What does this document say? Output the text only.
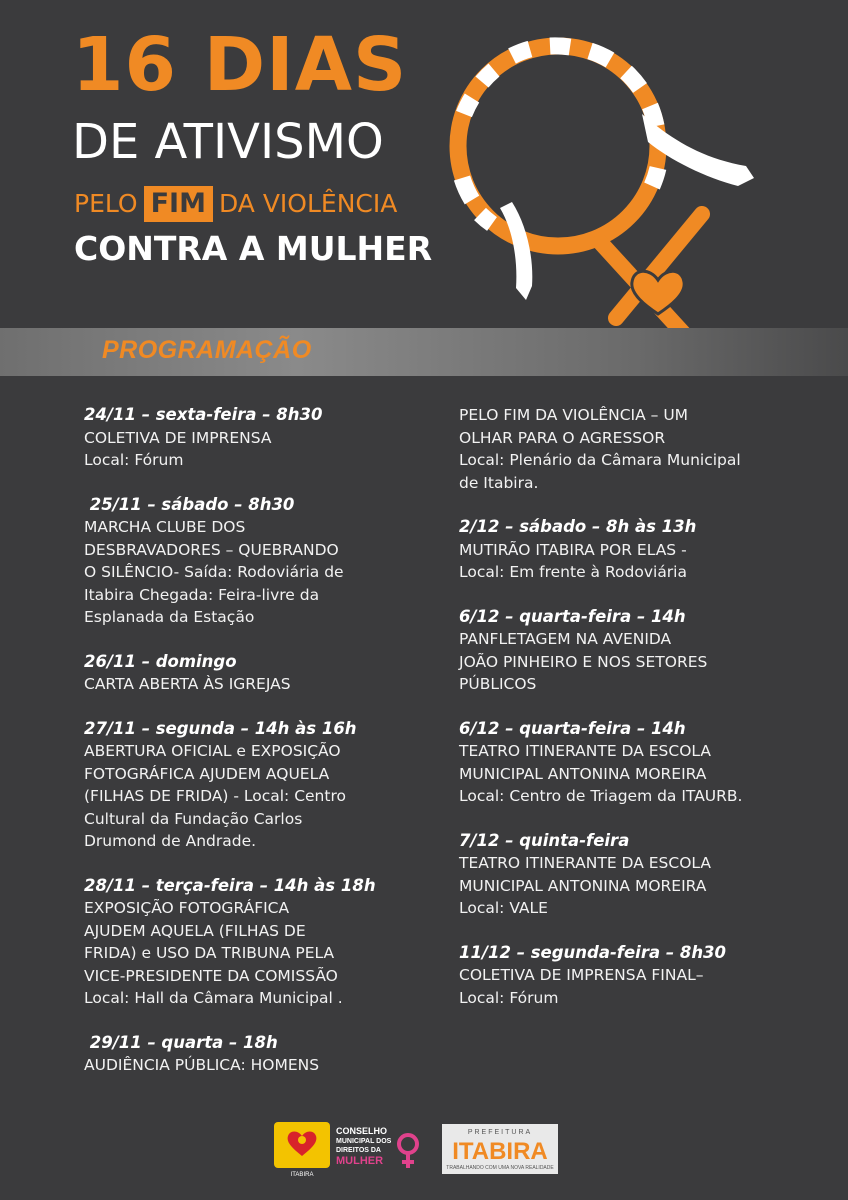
16 DIAS
DE ATIVISMO
PELO FIM DA VIOLÊNCIA
CONTRA A MULHER
PROGRAMAÇÃO
24/11 – sexta-feira – 8h30
COLETIVA DE IMPRENSA
Local: Fórum
25/11 – sábado – 8h30
MARCHA CLUBE DOS
DESBRAVADORES – QUEBRANDO
O SILÊNCIO- Saída: Rodoviária de
Itabira Chegada: Feira-livre da
Esplanada da Estação
26/11 – domingo
CARTA ABERTA ÀS IGREJAS
27/11 – segunda – 14h às 16h
ABERTURA OFICIAL e EXPOSIÇÃO
FOTOGRÁFICA AJUDEM AQUELA
(FILHAS DE FRIDA) - Local: Centro
Cultural da Fundação Carlos
Drumond de Andrade.
28/11 – terça-feira – 14h às 18h
EXPOSIÇÃO FOTOGRÁFICA
AJUDEM AQUELA (FILHAS DE
FRIDA) e USO DA TRIBUNA PELA
VICE-PRESIDENTE DA COMISSÃO
Local: Hall da Câmara Municipal .
29/11 – quarta – 18h
AUDIÊNCIA PÚBLICA: HOMENS
PELO FIM DA VIOLÊNCIA – UM
OLHAR PARA O AGRESSOR
Local: Plenário da Câmara Municipal
de Itabira.
2/12 – sábado – 8h às 13h
MUTIRÃO ITABIRA POR ELAS -
Local: Em frente à Rodoviária
6/12 – quarta-feira – 14h
PANFLETAGEM NA AVENIDA
JOÃO PINHEIRO E NOS SETORES
PÚBLICOS
6/12 – quarta-feira – 14h
TEATRO ITINERANTE DA ESCOLA
MUNICIPAL ANTONINA MOREIRA
Local: Centro de Triagem da ITAURB.
7/12 – quinta-feira
TEATRO ITINERANTE DA ESCOLA
MUNICIPAL ANTONINA MOREIRA
Local: VALE
11/12 – segunda-feira – 8h30
COLETIVA DE IMPRENSA FINAL–
Local: Fórum
ITABIRA
CONSELHO
MUNICIPAL DOS
DIREITOS DA
MULHER
PREFEITURA
ITABIRA
TRABALHANDO COM UMA NOVA REALIDADE
